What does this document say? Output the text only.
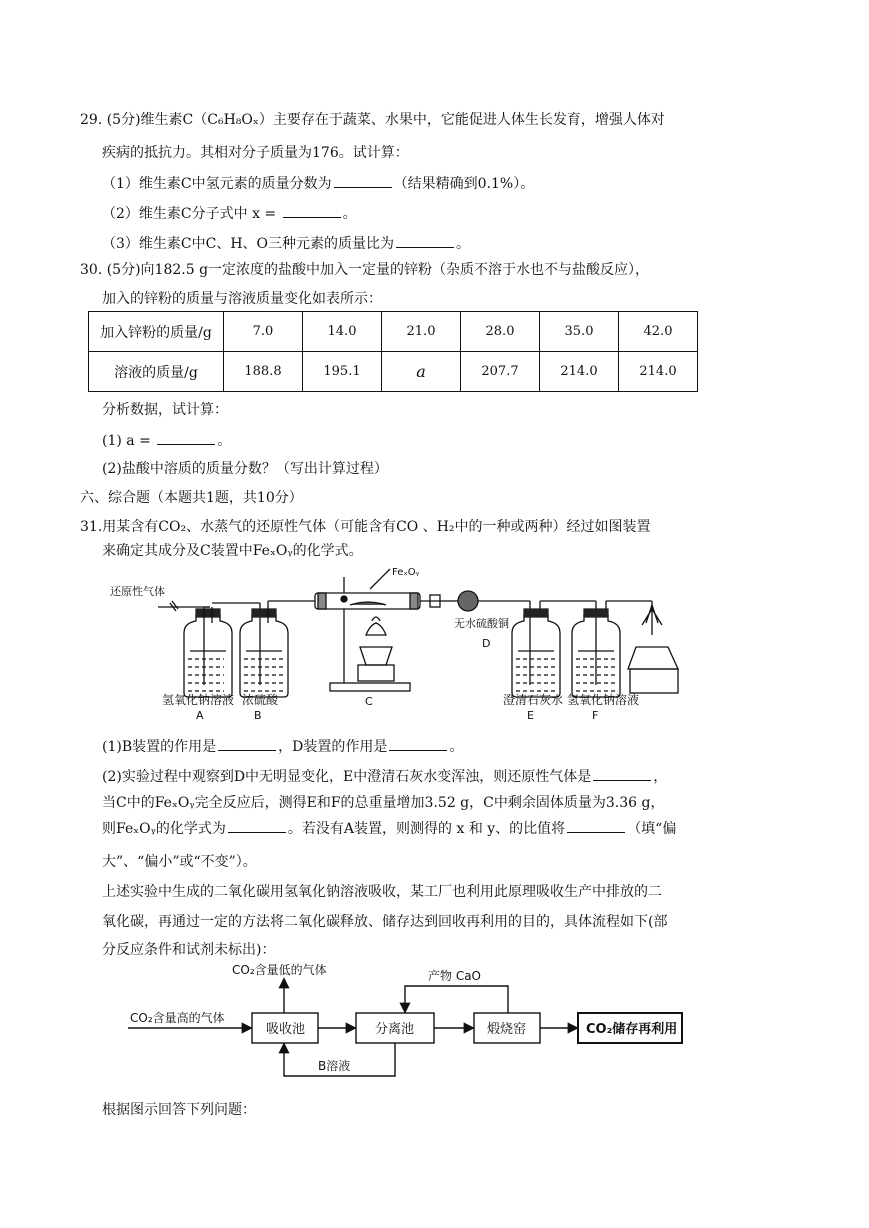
29. (5分)维生素C（C₆H₈Oₓ）主要存在于蔬菜、水果中，它能促进人体生长发育，增强人体对
疾病的抵抗力。其相对分子质量为176。试计算：
（1）维生素C中氢元素的质量分数为	（结果精确到0.1%）。
（2）维生素C分子式中 x =	。
（3）维生素C中C、H、O三种元素的质量比为	。
30. (5分)向182.5 g一定浓度的盐酸中加入一定量的锌粉（杂质不溶于水也不与盐酸反应），
加入的锌粉的质量与溶液质量变化如表所示：
加入锌粉的质量/g	7.0	14.0	21.0	28.0	35.0	42.0
溶液的质量/g	188.8	195.1	a	207.7	214.0	214.0
分析数据，试计算：
(1) a =	。
(2)盐酸中溶质的质量分数？（写出计算过程）
六、综合题（本题共1题，共10分）
31.用某含有CO₂、水蒸气的还原性气体（可能含有CO 、H₂中的一种或两种）经过如图装置
来确定其成分及C装置中FeₓOᵧ的化学式。
还原性气体
FeₓOᵧ
无水硫酸铜
D
C
氢氧化钠溶液
A
浓硫酸
B
澄清石灰水
E
氢氧化钠溶液
F
(1)B装置的作用是	，D装置的作用是	。
(2)实验过程中观察到D中无明显变化，E中澄清石灰水变浑浊，则还原性气体是	，
当C中的FeₓOᵧ完全反应后，测得E和F的总重量增加3.52 g，C中剩余固体质量为3.36 g，
则FeₓOᵧ的化学式为	。若没有A装置，则测得的 x 和 y、的比值将	（填“偏
大”、“偏小”或“不变”）。
上述实验中生成的二氧化碳用氢氧化钠溶液吸收，某工厂也利用此原理吸收生产中排放的二
氧化碳，再通过一定的方法将二氧化碳释放、储存达到回收再利用的目的，具体流程如下(部
分反应条件和试剂未标出)：
CO₂含量低的气体
CO₂含量高的气体
吸收池	分离池	煅烧窑	CO₂储存再利用
产物 CaO
B溶液
根据图示回答下列问题：
